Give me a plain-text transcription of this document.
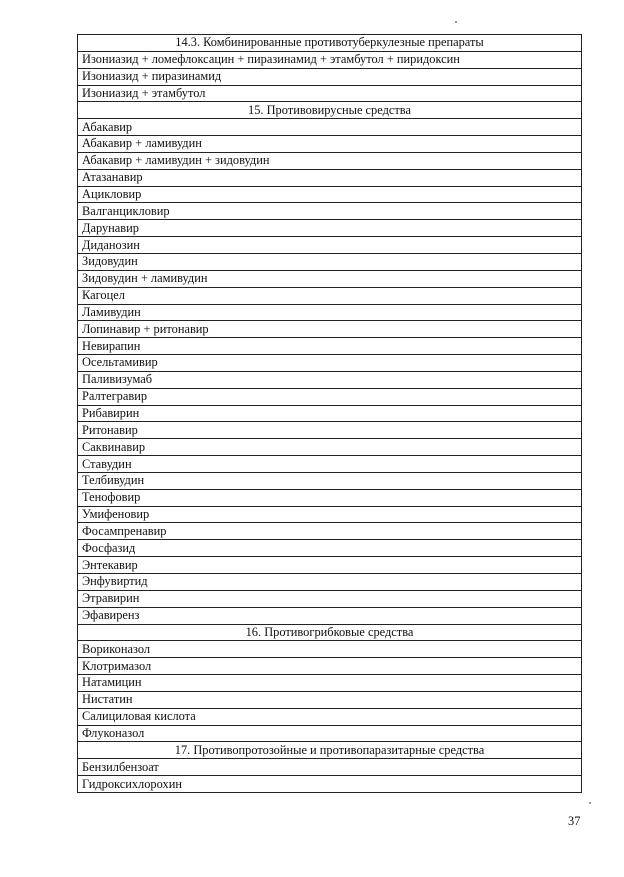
14.3. Комбинированные противотуберкулезные препараты
Изониазид + ломефлоксацин + пиразинамид + этамбутол + пиридоксин
Изониазид + пиразинамид
Изониазид + этамбутол
15. Противовирусные средства
Абакавир
Абакавир + ламивудин
Абакавир + ламивудин + зидовудин
Атазанавир
Ацикловир
Валганцикловир
Дарунавир
Диданозин
Зидовудин
Зидовудин + ламивудин
Кагоцел
Ламивудин
Лопинавир + ритонавир
Невирапин
Осельтамивир
Паливизумаб
Ралтегравир
Рибавирин
Ритонавир
Саквинавир
Ставудин
Телбивудин
Тенофовир
Умифеновир
Фосампренавир
Фосфазид
Энтекавир
Энфувиртид
Этравирин
Эфавиренз
16. Противогрибковые средства
Вориконазол
Клотримазол
Натамицин
Нистатин
Салициловая кислота
Флуконазол
17. Противопротозойные и противопаразитарные средства
Бензилбензоат
Гидроксихлорохин
37
